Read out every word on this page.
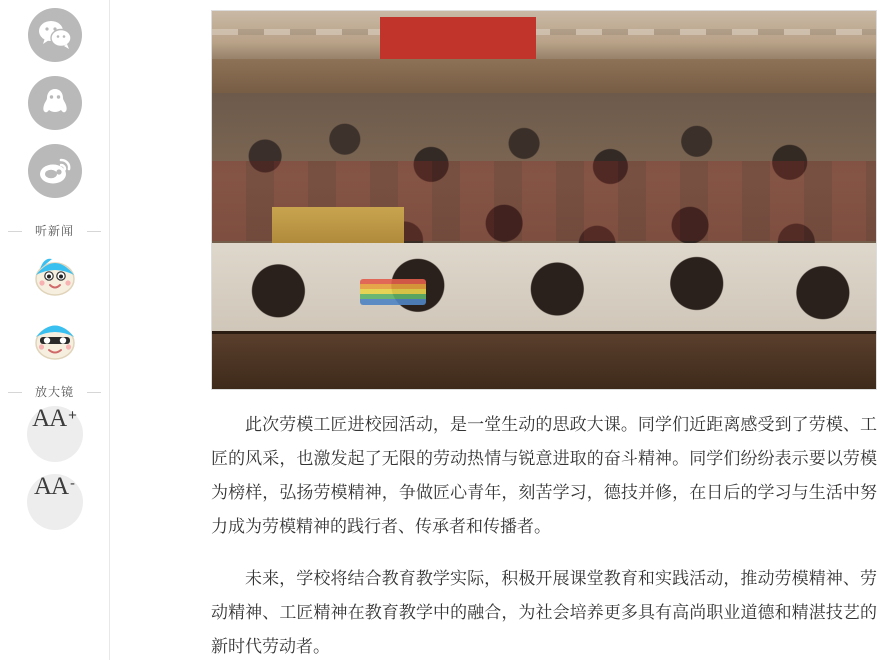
听新闻
放大镜
AA +
AA -

此次劳模工匠进校园活动，是一堂生动的思政大课。同学们近距离感受到了劳模、工匠的风采，也激发起了无限的劳动热情与锐意进取的奋斗精神。同学们纷纷表示要以劳模为榜样，弘扬劳模精神，争做匠心青年，刻苦学习，德技并修，在日后的学习与生活中努力成为劳模精神的践行者、传承者和传播者。

未来，学校将结合教育教学实际，积极开展课堂教育和实践活动，推动劳模精神、劳动精神、工匠精神在教育教学中的融合，为社会培养更多具有高尚职业道德和精湛技艺的新时代劳动者。
